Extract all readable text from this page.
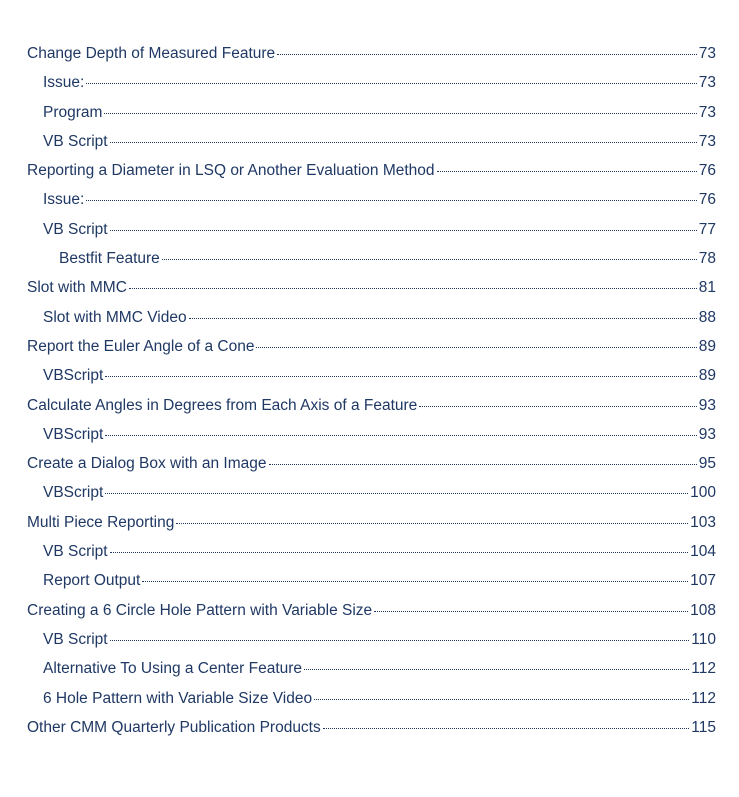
Change Depth of Measured Feature	73
Issue:	73
Program	73
VB Script	73
Reporting a Diameter in LSQ or Another Evaluation Method	76
Issue:	76
VB Script	77
Bestfit Feature	78
Slot with MMC	81
Slot with MMC Video	88
Report the Euler Angle of a Cone	89
VBScript	89
Calculate Angles in Degrees from Each Axis of a Feature	93
VBScript	93
Create a Dialog Box with an Image	95
VBScript	100
Multi Piece Reporting	103
VB Script	104
Report Output	107
Creating a 6 Circle Hole Pattern with Variable Size	108
VB Script	110
Alternative To Using a Center Feature	112
6 Hole Pattern with Variable Size Video	112
Other CMM Quarterly Publication Products	115
